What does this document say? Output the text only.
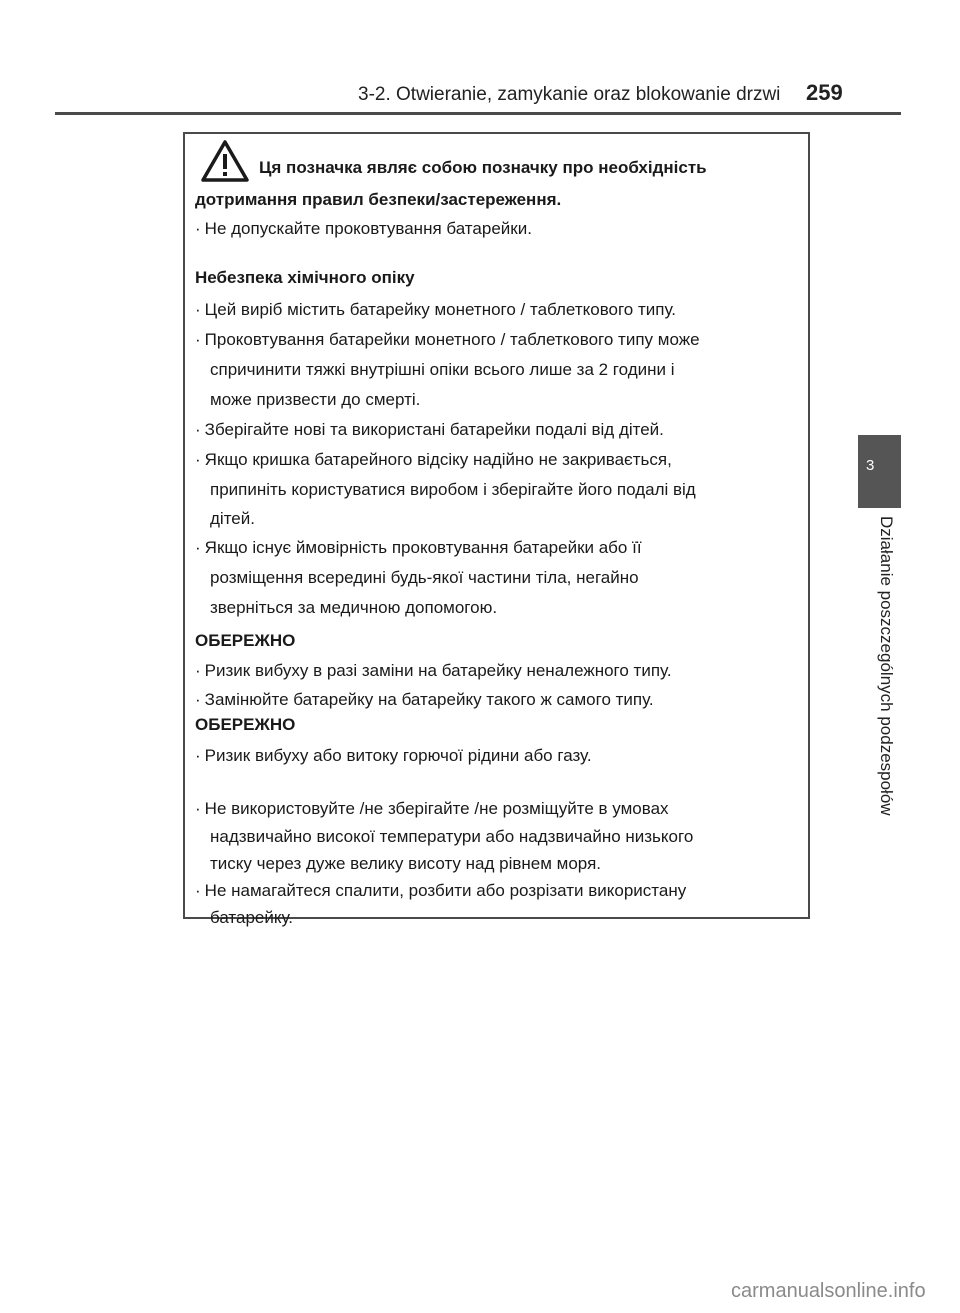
3-2. Otwieranie, zamykanie oraz blokowanie drzwi 259
3
Działanie poszczególnych podzespołów
Ця позначка являє собою позначку про необхідність
дотримання правил безпеки/застереження.
· Не допускайте проковтування батарейки.
Небезпека хімічного опіку
· Цей виріб містить батарейку монетного / таблеткового типу.
· Проковтування батарейки монетного / таблеткового типу може
спричинити тяжкі внутрішні опіки всього лише за 2 години і
може призвести до смерті.
· Зберігайте нові та використані батарейки подалі від дітей.
· Якщо кришка батарейного відсіку надійно не закривається,
припиніть користуватися виробом і зберігайте його подалі від
дітей.
· Якщо існує ймовірність проковтування батарейки або її
розміщення всередині будь-якої частини тіла, негайно
зверніться за медичною допомогою.
ОБЕРЕЖНО
· Ризик вибуху в разі заміни на батарейку неналежного типу.
· Замінюйте батарейку на батарейку такого ж самого типу.
ОБЕРЕЖНО
· Ризик вибуху або витоку горючої рідини або газу.
· Не використовуйте /не зберігайте /не розміщуйте в умовах
надзвичайно високої температури або надзвичайно низького
тиску через дуже велику висоту над рівнем моря.
· Не намагайтеся спалити, розбити або розрізати використану
батарейку.
carmanualsonline.info
